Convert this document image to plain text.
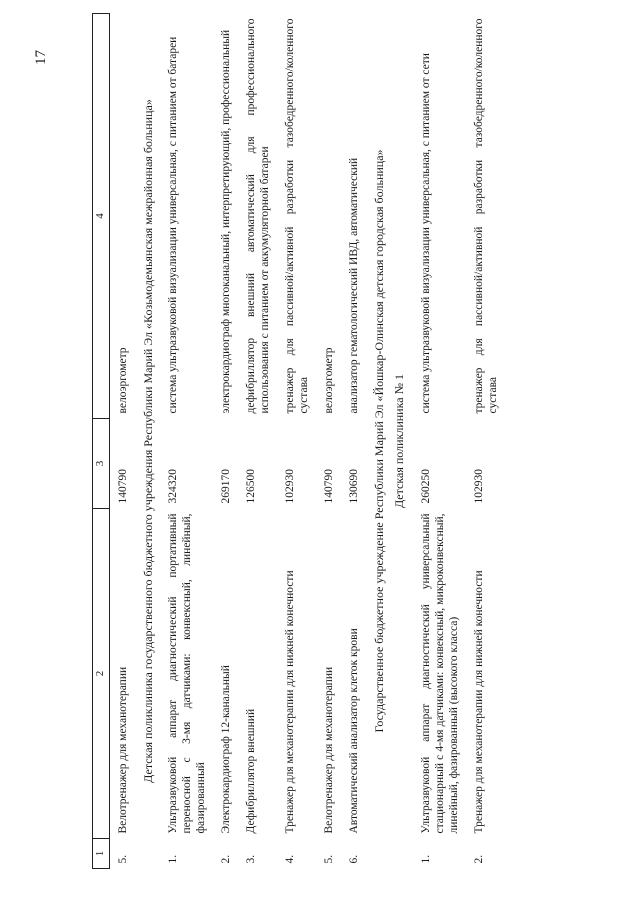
17
1	2	3	4
5.	Велотренажер для механотерапии	140790	велоэргометр
Детская поликлиника государственного бюджетного учреждения Республики Марий Эл «Козьмодемьянская межрайонная больница»			
1.	Ультразвуковой аппарат диагностический портативный переносной с 3-мя датчиками: конвексный, линейный, фазированный	324320	система ультразвуковой визуализации универсальная, с питанием от батареи
2.	Электрокардиограф 12-канальный	269170	электрокардиограф многоканальный, интерпретирующий, профессиональный
3.	Дефибриллятор внешний	126500	дефибриллятор внешний автоматический для профессионального использования с питанием от аккумуляторной батареи
4.	Тренажер для механотерапии для нижней конечности	102930	тренажер для пассивной/активной разработки тазобедренного/коленного сустава
5.	Велотренажер для механотерапии	140790	велоэргометр
6.	Автоматический анализатор клеток крови	130690	анализатор гематологический ИВД, автоматический
Государственное бюджетное учреждение Республики Марий Эл «Йошкар-Олинская детская городская больница»			
Детская поликлиника № 1			
1.	Ультразвуковой аппарат диагностический универсальный стационарный с 4-мя датчиками: конвексный, микроконвексный, линейный, фазированный (высокого класса)	260250	система ультразвуковой визуализации универсальная, с питанием от сети
2.	Тренажер для механотерапии для нижней конечности	102930	тренажер для пассивной/активной разработки тазобедренного/коленного сустава
